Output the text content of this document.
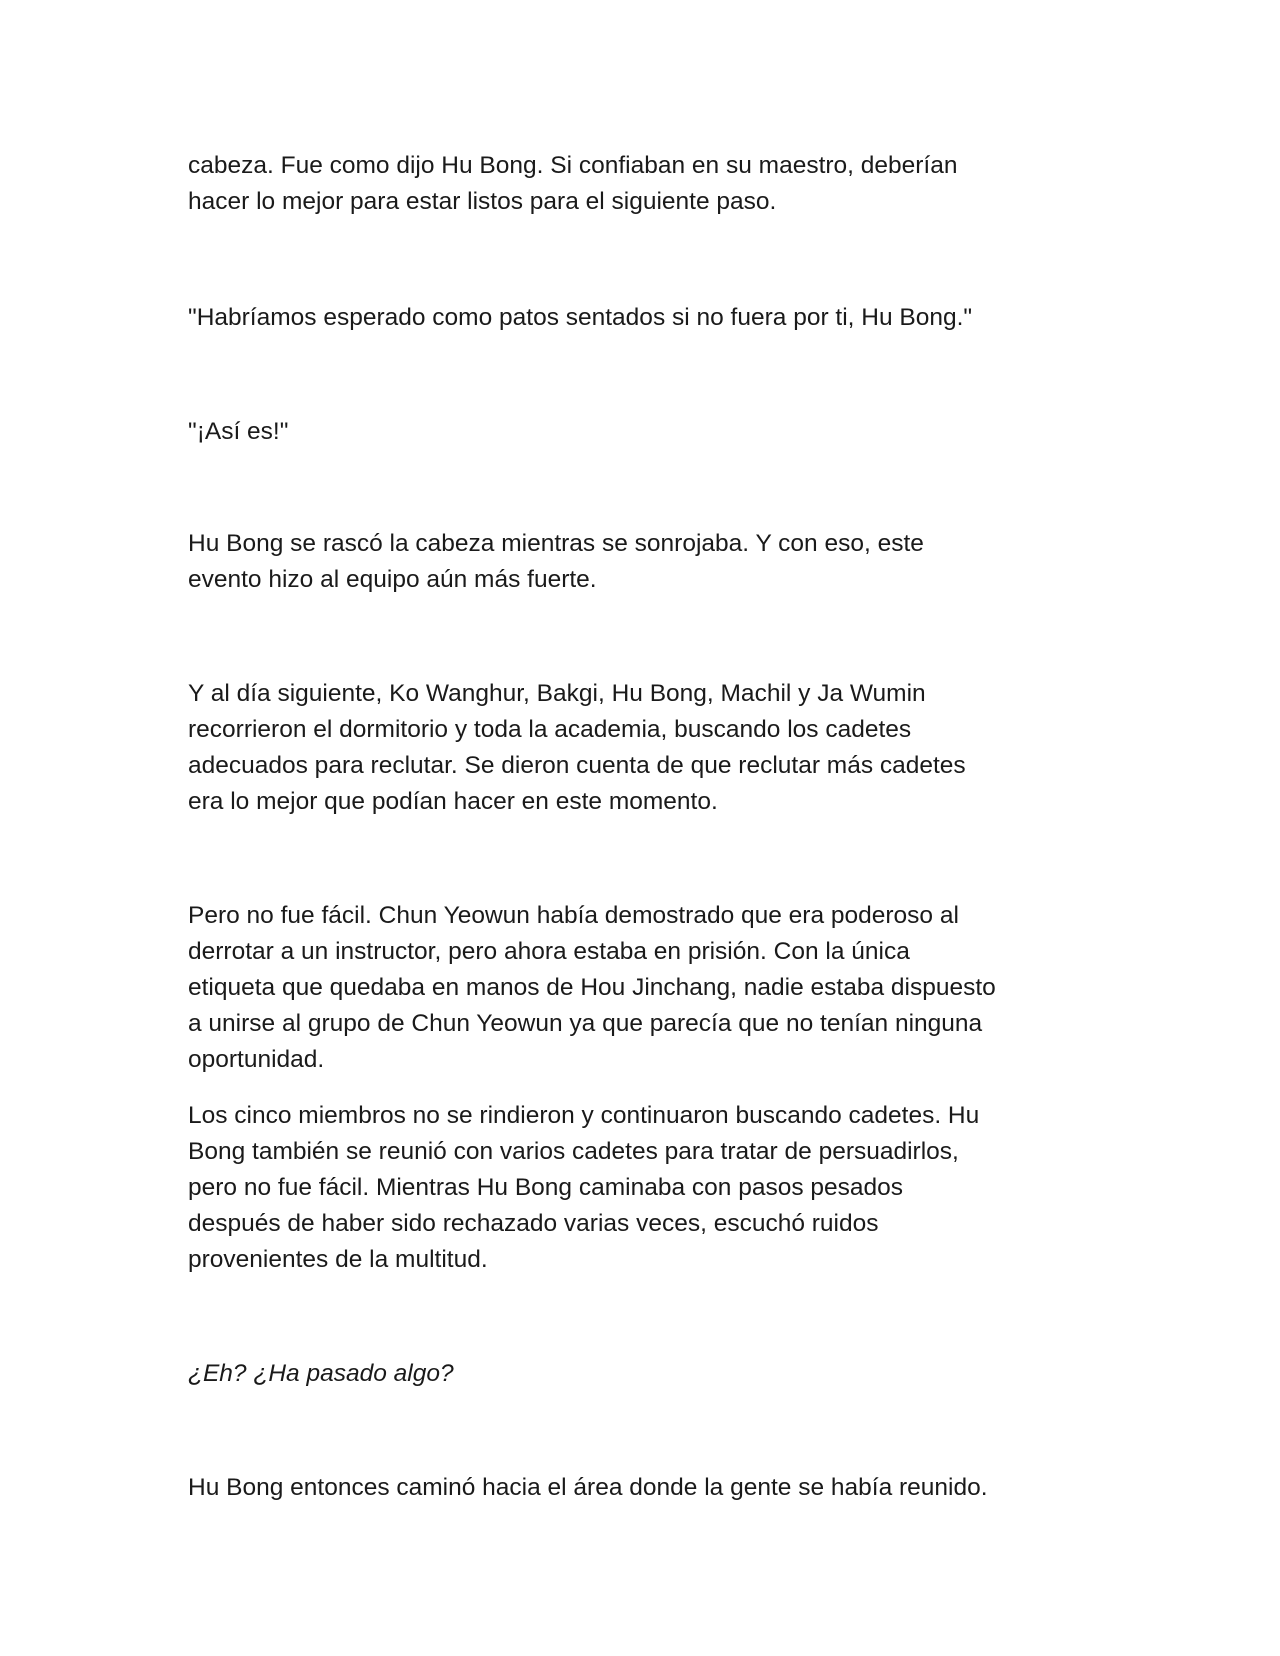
cabeza. Fue como dijo Hu Bong. Si confiaban en su maestro, deberían
hacer lo mejor para estar listos para el siguiente paso.

"Habríamos esperado como patos sentados si no fuera por ti, Hu Bong."

"¡Así es!"

Hu Bong se rascó la cabeza mientras se sonrojaba. Y con eso, este
evento hizo al equipo aún más fuerte.

Y al día siguiente, Ko Wanghur, Bakgi, Hu Bong, Machil y Ja Wumin
recorrieron el dormitorio y toda la academia, buscando los cadetes
adecuados para reclutar. Se dieron cuenta de que reclutar más cadetes
era lo mejor que podían hacer en este momento.

Pero no fue fácil. Chun Yeowun había demostrado que era poderoso al
derrotar a un instructor, pero ahora estaba en prisión. Con la única
etiqueta que quedaba en manos de Hou Jinchang, nadie estaba dispuesto
a unirse al grupo de Chun Yeowun ya que parecía que no tenían ninguna
oportunidad.

Los cinco miembros no se rindieron y continuaron buscando cadetes. Hu
Bong también se reunió con varios cadetes para tratar de persuadirlos,
pero no fue fácil. Mientras Hu Bong caminaba con pasos pesados
después de haber sido rechazado varias veces, escuchó ruidos
provenientes de la multitud.

¿Eh? ¿Ha pasado algo?

Hu Bong entonces caminó hacia el área donde la gente se había reunido.
